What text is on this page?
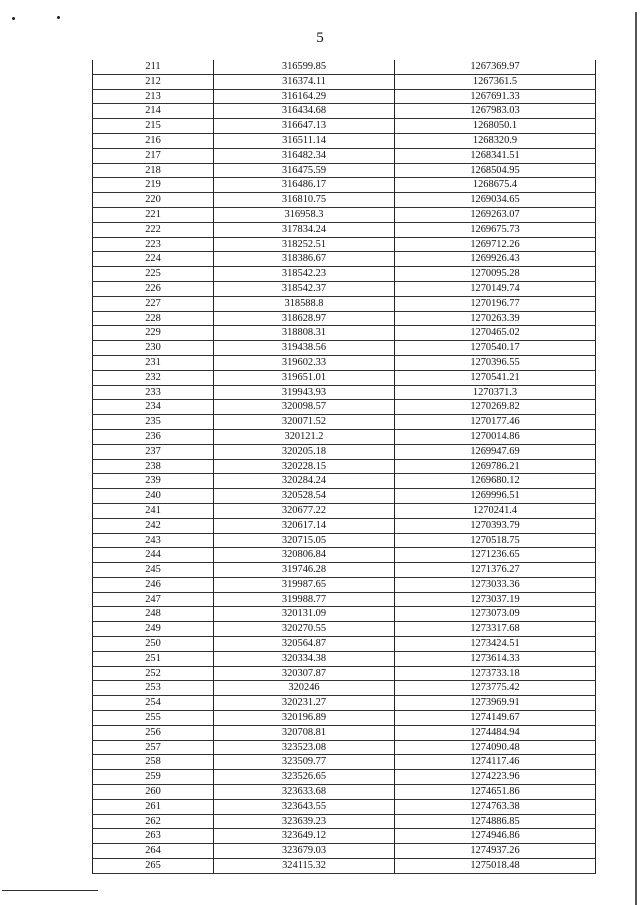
5
211	316599.85	1267369.97
212	316374.11	1267361.5
213	316164.29	1267691.33
214	316434.68	1267983.03
215	316647.13	1268050.1
216	316511.14	1268320.9
217	316482.34	1268341.51
218	316475.59	1268504.95
219	316486.17	1268675.4
220	316810.75	1269034.65
221	316958.3	1269263.07
222	317834.24	1269675.73
223	318252.51	1269712.26
224	318386.67	1269926.43
225	318542.23	1270095.28
226	318542.37	1270149.74
227	318588.8	1270196.77
228	318628.97	1270263.39
229	318808.31	1270465.02
230	319438.56	1270540.17
231	319602.33	1270396.55
232	319651.01	1270541.21
233	319943.93	1270371.3
234	320098.57	1270269.82
235	320071.52	1270177.46
236	320121.2	1270014.86
237	320205.18	1269947.69
238	320228.15	1269786.21
239	320284.24	1269680.12
240	320528.54	1269996.51
241	320677.22	1270241.4
242	320617.14	1270393.79
243	320715.05	1270518.75
244	320806.84	1271236.65
245	319746.28	1271376.27
246	319987.65	1273033.36
247	319988.77	1273037.19
248	320131.09	1273073.09
249	320270.55	1273317.68
250	320564.87	1273424.51
251	320334.38	1273614.33
252	320307.87	1273733.18
253	320246	1273775.42
254	320231.27	1273969.91
255	320196.89	1274149.67
256	320708.81	1274484.94
257	323523.08	1274090.48
258	323509.77	1274117.46
259	323526.65	1274223.96
260	323633.68	1274651.86
261	323643.55	1274763.38
262	323639.23	1274886.85
263	323649.12	1274946.86
264	323679.03	1274937.26
265	324115.32	1275018.48
